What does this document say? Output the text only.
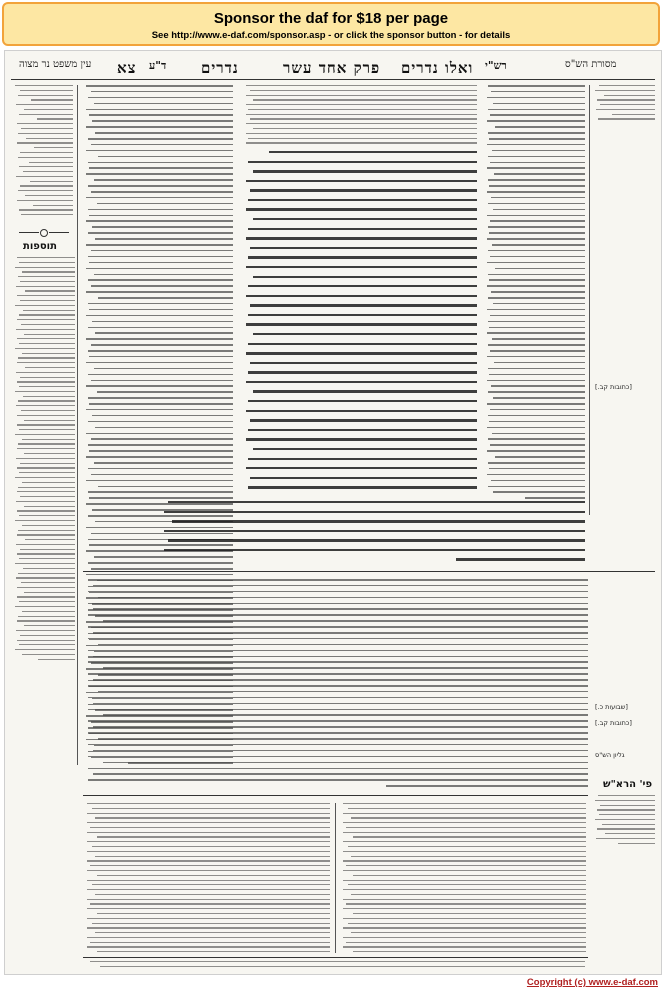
Sponsor the daf for $18 per page
See http://www.e-daf.com/sponsor.asp - or click the sponsor button - for details
עין משפט נר מצוה צא ד"ע נדרים	פרק אחד עשר ואלו נדרים רש"י	מסורת הש"ס
תוספות
[כתובות קב.]
[שבועות כ.]
[כתובות קב.]
גליון הש"ס
פי' הרא"ש
Copyright (c) www.e-daf.com
